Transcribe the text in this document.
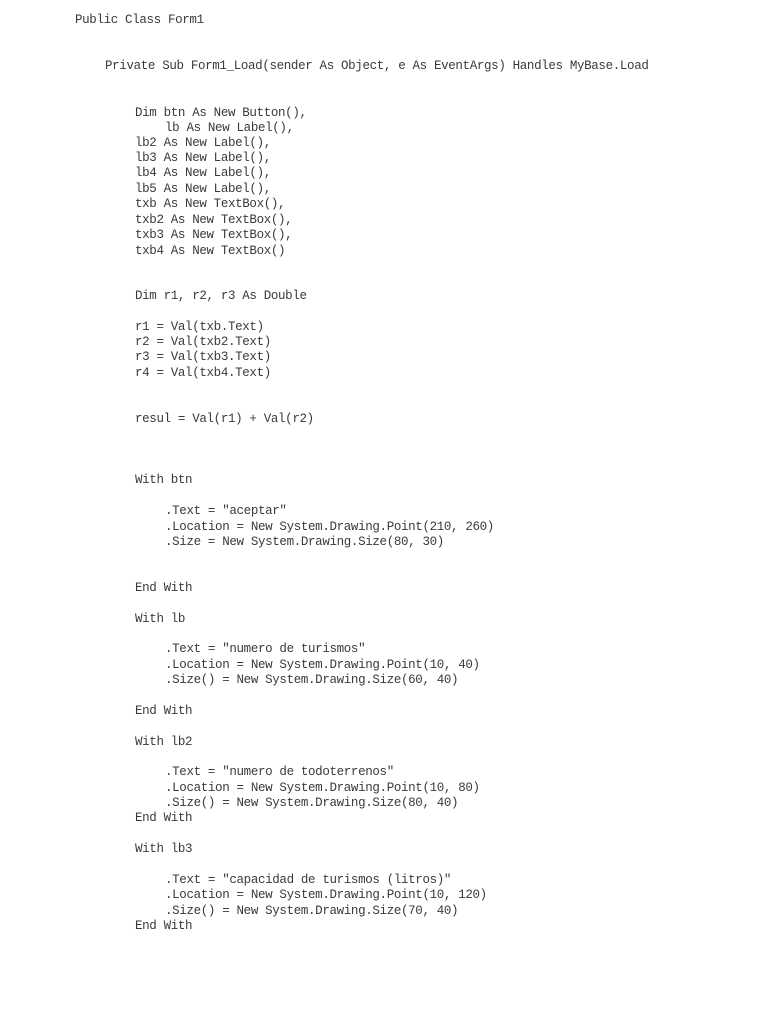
Public Class Form1
Private Sub Form1_Load(sender As Object, e As EventArgs) Handles MyBase.Load
Dim btn As New Button(),
lb As New Label(),
lb2 As New Label(),
lb3 As New Label(),
lb4 As New Label(),
lb5 As New Label(),
txb As New TextBox(),
txb2 As New TextBox(),
txb3 As New TextBox(),
txb4 As New TextBox()
Dim r1, r2, r3 As Double
r1 = Val(txb.Text)
r2 = Val(txb2.Text)
r3 = Val(txb3.Text)
r4 = Val(txb4.Text)
resul = Val(r1) + Val(r2)
With btn
.Text = "aceptar"
.Location = New System.Drawing.Point(210, 260)
.Size = New System.Drawing.Size(80, 30)
End With
With lb
.Text = "numero de turismos"
.Location = New System.Drawing.Point(10, 40)
.Size() = New System.Drawing.Size(60, 40)
End With
With lb2
.Text = "numero de todoterrenos"
.Location = New System.Drawing.Point(10, 80)
.Size() = New System.Drawing.Size(80, 40)
End With
With lb3
.Text = "capacidad de turismos (litros)"
.Location = New System.Drawing.Point(10, 120)
.Size() = New System.Drawing.Size(70, 40)
End With
